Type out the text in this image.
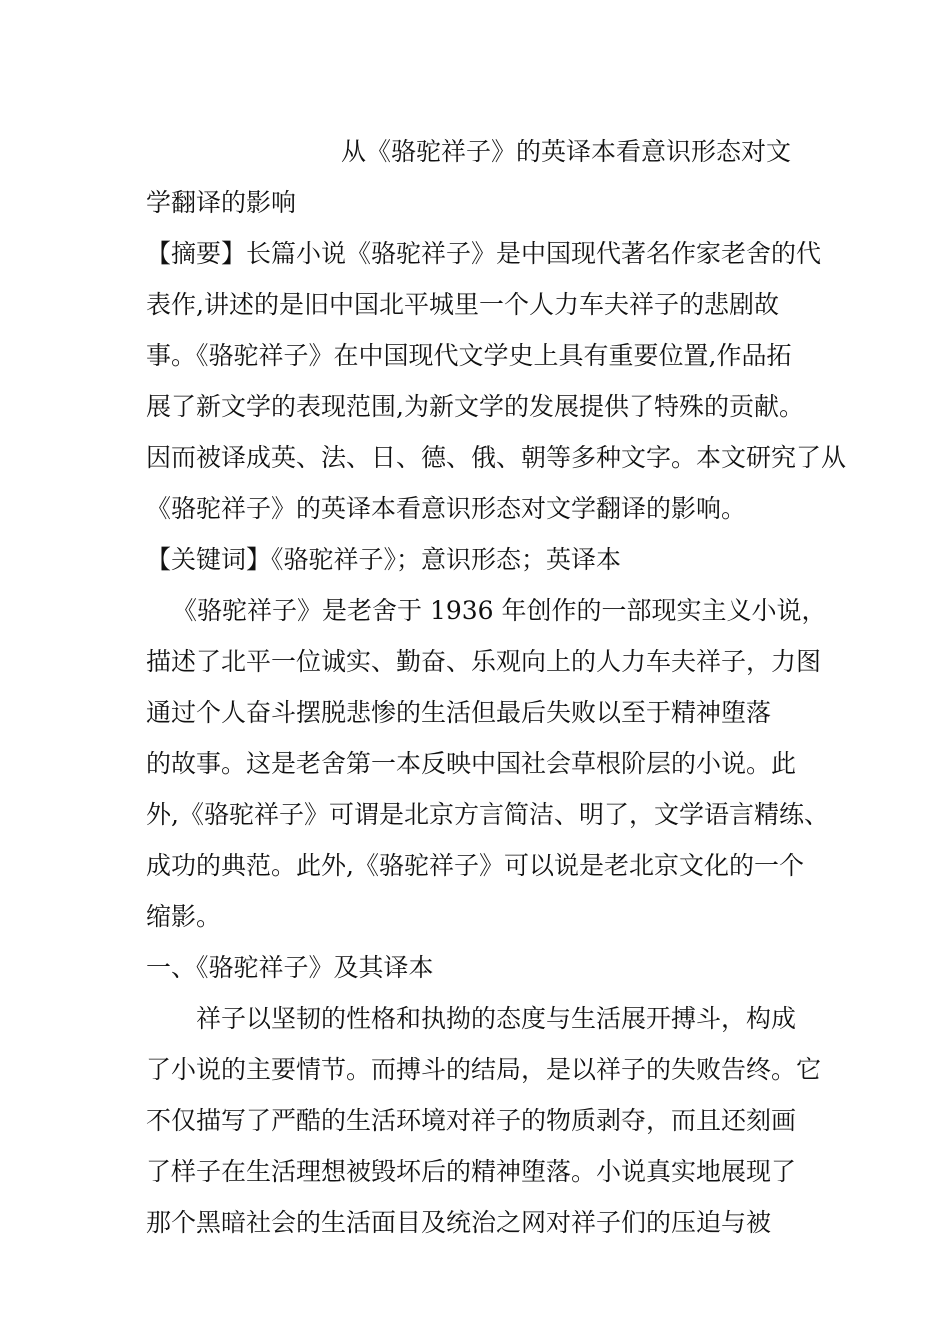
从《骆驼祥子》的英译本看意识形态对文
学翻译的影响
【摘要】长篇小说《骆驼祥子》是中国现代著名作家老舍的代
表作,讲述的是旧中国北平城里一个人力车夫祥子的悲剧故
事。《骆驼祥子》在中国现代文学史上具有重要位置,作品拓
展了新文学的表现范围,为新文学的发展提供了特殊的贡献。
因而被译成英、法、日、德、俄、朝等多种文字。本文研究了从
《骆驼祥子》的英译本看意识形态对文学翻译的影响。
【关键词】《骆驼祥子》；意识形态；英译本
《骆驼祥子》是老舍于 1936 年创作的一部现实主义小说，
描述了北平一位诚实、勤奋、乐观向上的人力车夫祥子，力图
通过个人奋斗摆脱悲惨的生活但最后失败以至于精神堕落
的故事。这是老舍第一本反映中国社会草根阶层的小说。此
外,《骆驼祥子》可谓是北京方言简洁、明了，文学语言精练、
成功的典范。此外,《骆驼祥子》可以说是老北京文化的一个
缩影。
一、《骆驼祥子》及其译本
祥子以坚韧的性格和执拗的态度与生活展开搏斗，构成
了小说的主要情节。而搏斗的结局，是以祥子的失败告终。它
不仅描写了严酷的生活环境对祥子的物质剥夺，而且还刻画
了样子在生活理想被毁坏后的精神堕落。小说真实地展现了
那个黑暗社会的生活面目及统治之网对祥子们的压迫与被
